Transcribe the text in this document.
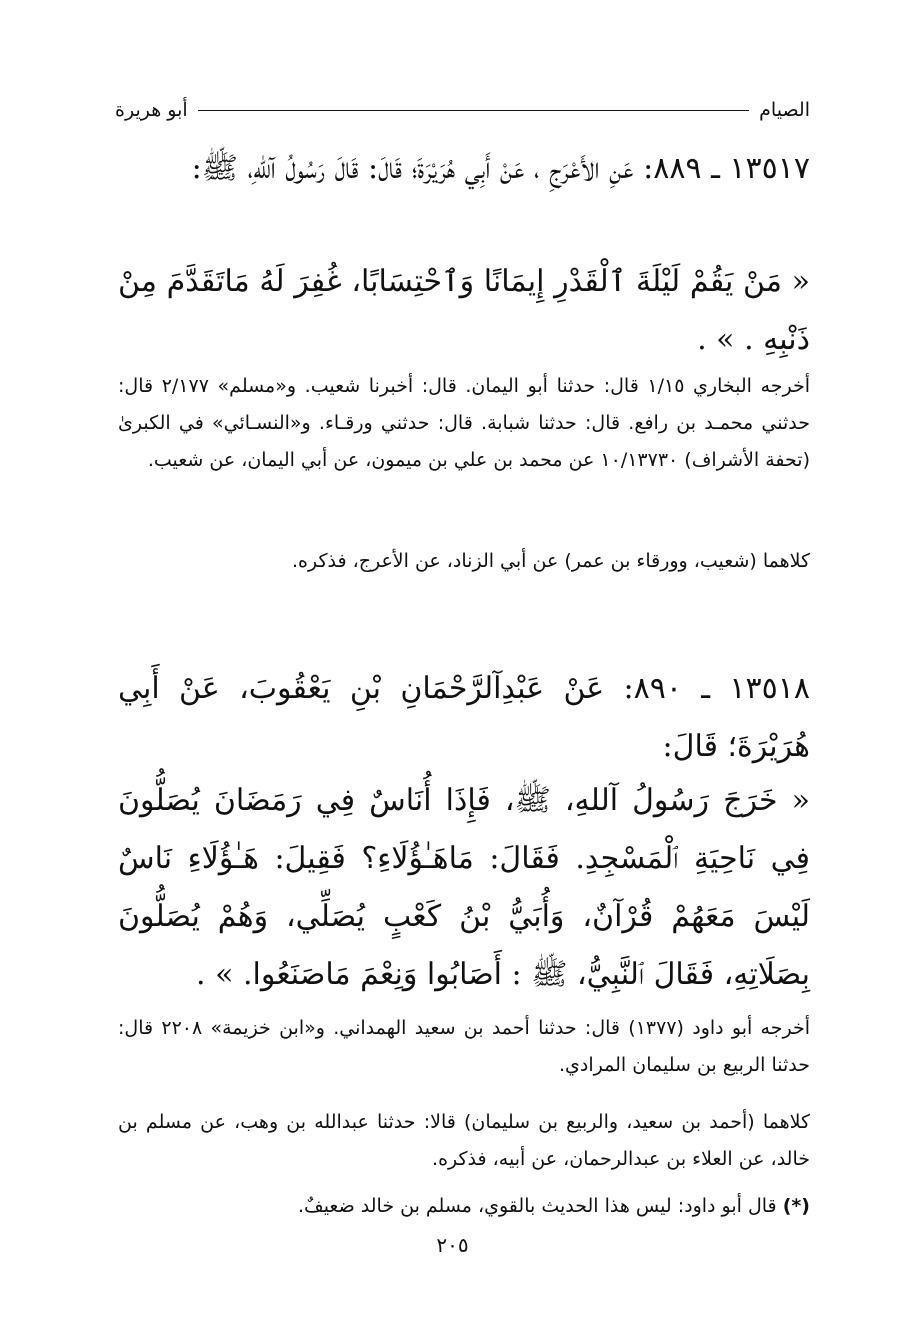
الصيام
أبو هريرة

١٣٥١٧ ـ ٨٨٩: عَنِ الأَعْرَجِ ، عَنْ أَبِي هُرَيْرَةَ؛ قَالَ: قَالَ رَسُولُ آللهِ، ﷺ:

« مَنْ يَقُمْ لَيْلَةَ ٱلْقَدْرِ إِيمَانًا وَٱحْتِسَابًا، غُفِرَ لَهُ مَاتَقَدَّمَ مِنْ ذَنْبِهِ . » .

أخرجه البخاري ١/١٥ قال: حدثنا أبو اليمان. قال: أخبرنا شعيب. و«مسلم» ٢/١٧٧ قال: حدثني محمـد بن رافع. قال: حدثنا شبابة. قال: حدثني ورقـاء. و«النسـائي» في الكبرىٰ (تحفة الأشراف) ١٠/١٣٧٣٠ عن محمد بن علي بن ميمون، عن أبي اليمان، عن شعيب.

كلاهما (شعيب، وورقاء بن عمر) عن أبي الزناد، عن الأعرج، فذكره.

١٣٥١٨ ـ ٨٩٠: عَنْ عَبْدِآلرَّحْمَانِ بْنِ يَعْقُوبَ، عَنْ أَبِي هُرَيْرَةَ؛ قَالَ:

« خَرَجَ رَسُولُ آللهِ، ﷺ، فَإِذَا أُنَاسٌ فِي رَمَضَانَ يُصَلُّونَ فِي نَاحِيَةِ ٱلْمَسْجِدِ. فَقَالَ: مَاهَـٰؤُلَاءِ؟ فَقِيلَ: هَـٰؤُلَاءِ نَاسٌ لَيْسَ مَعَهُمْ قُرْآنٌ، وَأُبَيُّ بْنُ كَعْبٍ يُصَلِّي، وَهُمْ يُصَلُّونَ بِصَلَاتِهِ، فَقَالَ ٱلنَّبِيُّ، ﷺ : أَصَابُوا وَنِعْمَ مَاصَنَعُوا. » .

أخرجه أبو داود (١٣٧٧) قال: حدثنا أحمد بن سعيد الهمداني. و«ابن خزيمة» ٢٢٠٨ قال: حدثنا الربيع بن سليمان المرادي.

كلاهما (أحمد بن سعيد، والربيع بن سليمان) قالا: حدثنا عبدالله بن وهب، عن مسلم بن خالد، عن العلاء بن عبدالرحمان، عن أبيه، فذكره.

(*) قال أبو داود: ليس هذا الحديث بالقوي، مسلم بن خالد ضعيفٌ.

٢٠٥
